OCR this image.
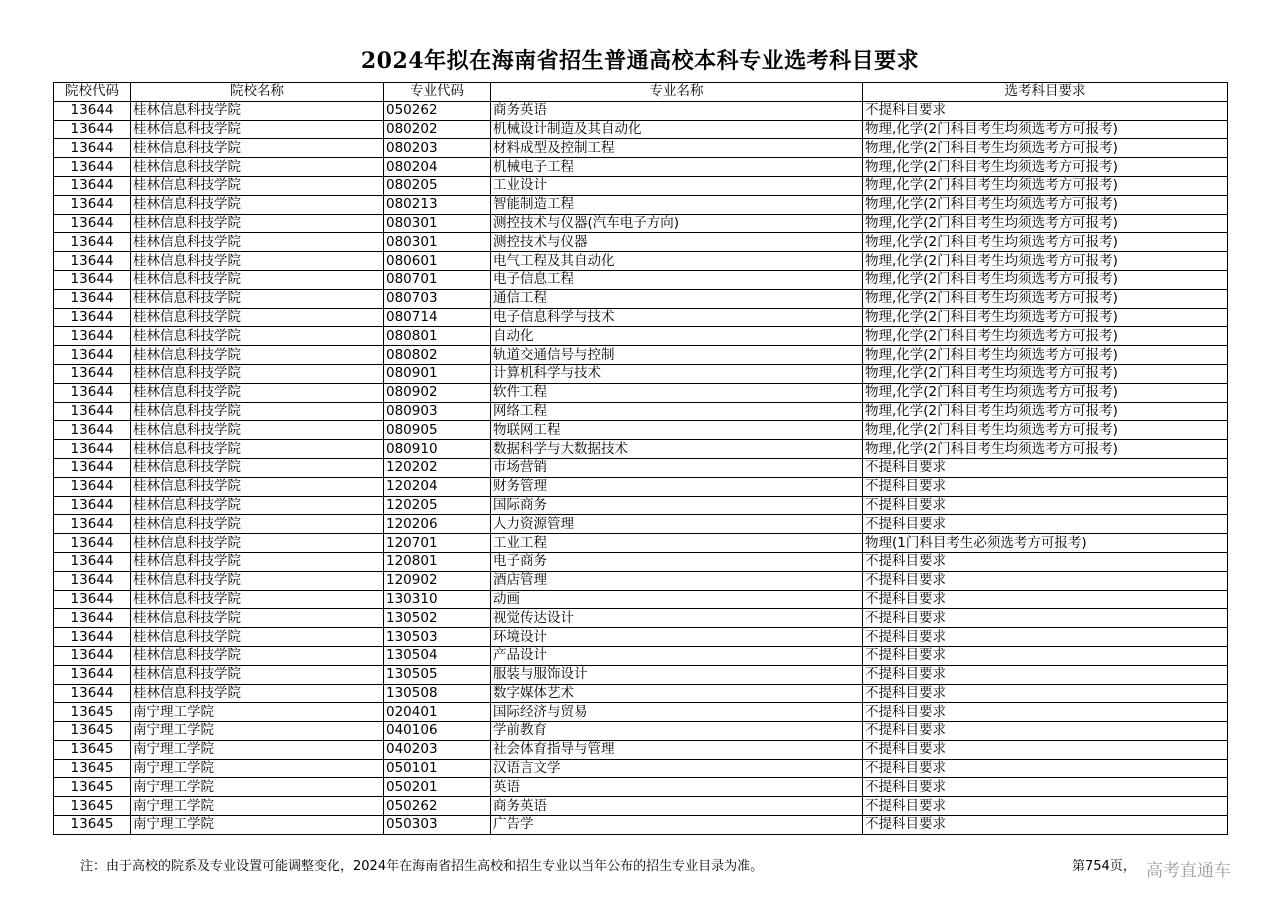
2024年拟在海南省招生普通高校本科专业选考科目要求
院校代码	院校名称	专业代码	专业名称	选考科目要求
13644	桂林信息科技学院	050262	商务英语	不提科目要求
13644	桂林信息科技学院	080202	机械设计制造及其自动化	物理,化学(2门科目考生均须选考方可报考)
13644	桂林信息科技学院	080203	材料成型及控制工程	物理,化学(2门科目考生均须选考方可报考)
13644	桂林信息科技学院	080204	机械电子工程	物理,化学(2门科目考生均须选考方可报考)
13644	桂林信息科技学院	080205	工业设计	物理,化学(2门科目考生均须选考方可报考)
13644	桂林信息科技学院	080213	智能制造工程	物理,化学(2门科目考生均须选考方可报考)
13644	桂林信息科技学院	080301	测控技术与仪器(汽车电子方向)	物理,化学(2门科目考生均须选考方可报考)
13644	桂林信息科技学院	080301	测控技术与仪器	物理,化学(2门科目考生均须选考方可报考)
13644	桂林信息科技学院	080601	电气工程及其自动化	物理,化学(2门科目考生均须选考方可报考)
13644	桂林信息科技学院	080701	电子信息工程	物理,化学(2门科目考生均须选考方可报考)
13644	桂林信息科技学院	080703	通信工程	物理,化学(2门科目考生均须选考方可报考)
13644	桂林信息科技学院	080714	电子信息科学与技术	物理,化学(2门科目考生均须选考方可报考)
13644	桂林信息科技学院	080801	自动化	物理,化学(2门科目考生均须选考方可报考)
13644	桂林信息科技学院	080802	轨道交通信号与控制	物理,化学(2门科目考生均须选考方可报考)
13644	桂林信息科技学院	080901	计算机科学与技术	物理,化学(2门科目考生均须选考方可报考)
13644	桂林信息科技学院	080902	软件工程	物理,化学(2门科目考生均须选考方可报考)
13644	桂林信息科技学院	080903	网络工程	物理,化学(2门科目考生均须选考方可报考)
13644	桂林信息科技学院	080905	物联网工程	物理,化学(2门科目考生均须选考方可报考)
13644	桂林信息科技学院	080910	数据科学与大数据技术	物理,化学(2门科目考生均须选考方可报考)
13644	桂林信息科技学院	120202	市场营销	不提科目要求
13644	桂林信息科技学院	120204	财务管理	不提科目要求
13644	桂林信息科技学院	120205	国际商务	不提科目要求
13644	桂林信息科技学院	120206	人力资源管理	不提科目要求
13644	桂林信息科技学院	120701	工业工程	物理(1门科目考生必须选考方可报考)
13644	桂林信息科技学院	120801	电子商务	不提科目要求
13644	桂林信息科技学院	120902	酒店管理	不提科目要求
13644	桂林信息科技学院	130310	动画	不提科目要求
13644	桂林信息科技学院	130502	视觉传达设计	不提科目要求
13644	桂林信息科技学院	130503	环境设计	不提科目要求
13644	桂林信息科技学院	130504	产品设计	不提科目要求
13644	桂林信息科技学院	130505	服装与服饰设计	不提科目要求
13644	桂林信息科技学院	130508	数字媒体艺术	不提科目要求
13645	南宁理工学院	020401	国际经济与贸易	不提科目要求
13645	南宁理工学院	040106	学前教育	不提科目要求
13645	南宁理工学院	040203	社会体育指导与管理	不提科目要求
13645	南宁理工学院	050101	汉语言文学	不提科目要求
13645	南宁理工学院	050201	英语	不提科目要求
13645	南宁理工学院	050262	商务英语	不提科目要求
13645	南宁理工学院	050303	广告学	不提科目要求
注：由于高校的院系及专业设置可能调整变化，2024年在海南省招生高校和招生专业以当年公布的招生专业目录为准。	第754页， 高考直通车
